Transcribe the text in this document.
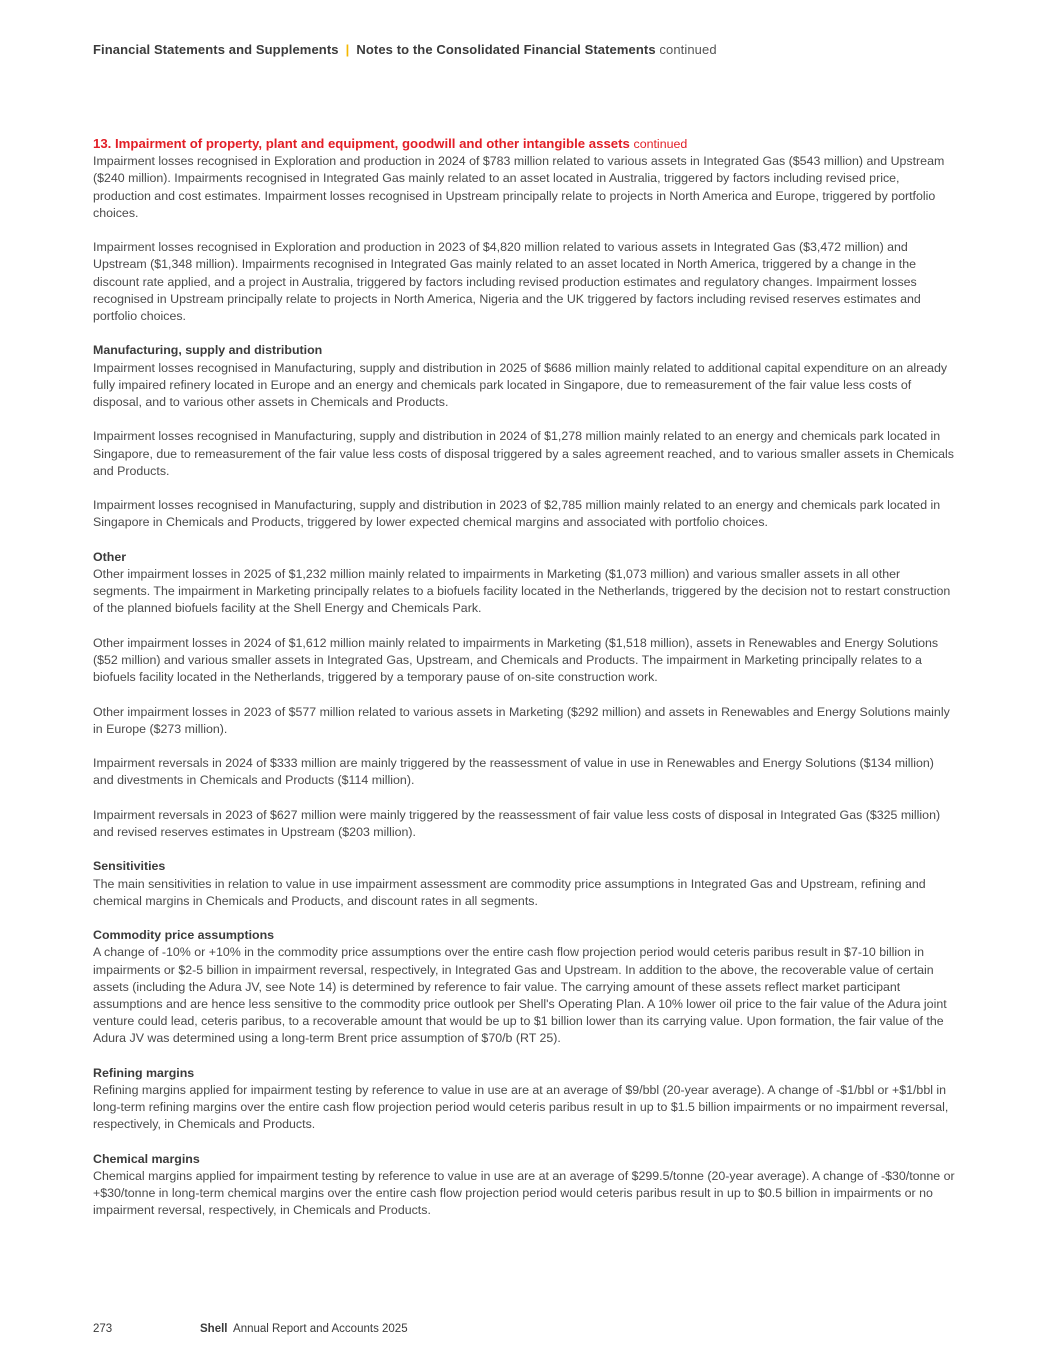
Financial Statements and Supplements | Notes to the Consolidated Financial Statements continued
13. Impairment of property, plant and equipment, goodwill and other intangible assets continued

Impairment losses recognised in Exploration and production in 2024 of $783 million related to various assets in Integrated Gas ($543 million) and Upstream ($240 million). Impairments recognised in Integrated Gas mainly related to an asset located in Australia, triggered by factors including revised price, production and cost estimates. Impairment losses recognised in Upstream principally relate to projects in North America and Europe, triggered by portfolio choices.

Impairment losses recognised in Exploration and production in 2023 of $4,820 million related to various assets in Integrated Gas ($3,472 million) and Upstream ($1,348 million). Impairments recognised in Integrated Gas mainly related to an asset located in North America, triggered by a change in the discount rate applied, and a project in Australia, triggered by factors including revised production estimates and regulatory changes. Impairment losses recognised in Upstream principally relate to projects in North America, Nigeria and the UK triggered by factors including revised reserves estimates and portfolio choices.

Manufacturing, supply and distribution

Impairment losses recognised in Manufacturing, supply and distribution in 2025 of $686 million mainly related to additional capital expenditure on an already fully impaired refinery located in Europe and an energy and chemicals park located in Singapore, due to remeasurement of the fair value less costs of disposal, and to various other assets in Chemicals and Products.

Impairment losses recognised in Manufacturing, supply and distribution in 2024 of $1,278 million mainly related to an energy and chemicals park located in Singapore, due to remeasurement of the fair value less costs of disposal triggered by a sales agreement reached, and to various smaller assets in Chemicals and Products.

Impairment losses recognised in Manufacturing, supply and distribution in 2023 of $2,785 million mainly related to an energy and chemicals park located in Singapore in Chemicals and Products, triggered by lower expected chemical margins and associated with portfolio choices.

Other

Other impairment losses in 2025 of $1,232 million mainly related to impairments in Marketing ($1,073 million) and various smaller assets in all other segments. The impairment in Marketing principally relates to a biofuels facility located in the Netherlands, triggered by the decision not to restart construction of the planned biofuels facility at the Shell Energy and Chemicals Park.

Other impairment losses in 2024 of $1,612 million mainly related to impairments in Marketing ($1,518 million), assets in Renewables and Energy Solutions ($52 million) and various smaller assets in Integrated Gas, Upstream, and Chemicals and Products. The impairment in Marketing principally relates to a biofuels facility located in the Netherlands, triggered by a temporary pause of on-site construction work.

Other impairment losses in 2023 of $577 million related to various assets in Marketing ($292 million) and assets in Renewables and Energy Solutions mainly in Europe ($273 million).

Impairment reversals in 2024 of $333 million are mainly triggered by the reassessment of value in use in Renewables and Energy Solutions ($134 million) and divestments in Chemicals and Products ($114 million).

Impairment reversals in 2023 of $627 million were mainly triggered by the reassessment of fair value less costs of disposal in Integrated Gas ($325 million) and revised reserves estimates in Upstream ($203 million).

Sensitivities

The main sensitivities in relation to value in use impairment assessment are commodity price assumptions in Integrated Gas and Upstream, refining and chemical margins in Chemicals and Products, and discount rates in all segments.

Commodity price assumptions

A change of -10% or +10% in the commodity price assumptions over the entire cash flow projection period would ceteris paribus result in $7-10 billion in impairments or $2-5 billion in impairment reversal, respectively, in Integrated Gas and Upstream. In addition to the above, the recoverable value of certain assets (including the Adura JV, see Note 14) is determined by reference to fair value. The carrying amount of these assets reflect market participant assumptions and are hence less sensitive to the commodity price outlook per Shell's Operating Plan. A 10% lower oil price to the fair value of the Adura joint venture could lead, ceteris paribus, to a recoverable amount that would be up to $1 billion lower than its carrying value. Upon formation, the fair value of the Adura JV was determined using a long-term Brent price assumption of $70/b (RT 25).

Refining margins

Refining margins applied for impairment testing by reference to value in use are at an average of $9/bbl (20-year average). A change of -$1/bbl or +$1/bbl in long-term refining margins over the entire cash flow projection period would ceteris paribus result in up to $1.5 billion impairments or no impairment reversal, respectively, in Chemicals and Products.

Chemical margins

Chemical margins applied for impairment testing by reference to value in use are at an average of $299.5/tonne (20-year average). A change of -$30/tonne or +$30/tonne in long-term chemical margins over the entire cash flow projection period would ceteris paribus result in up to $0.5 billion in impairments or no impairment reversal, respectively, in Chemicals and Products.

273	Shell Annual Report and Accounts 2025
